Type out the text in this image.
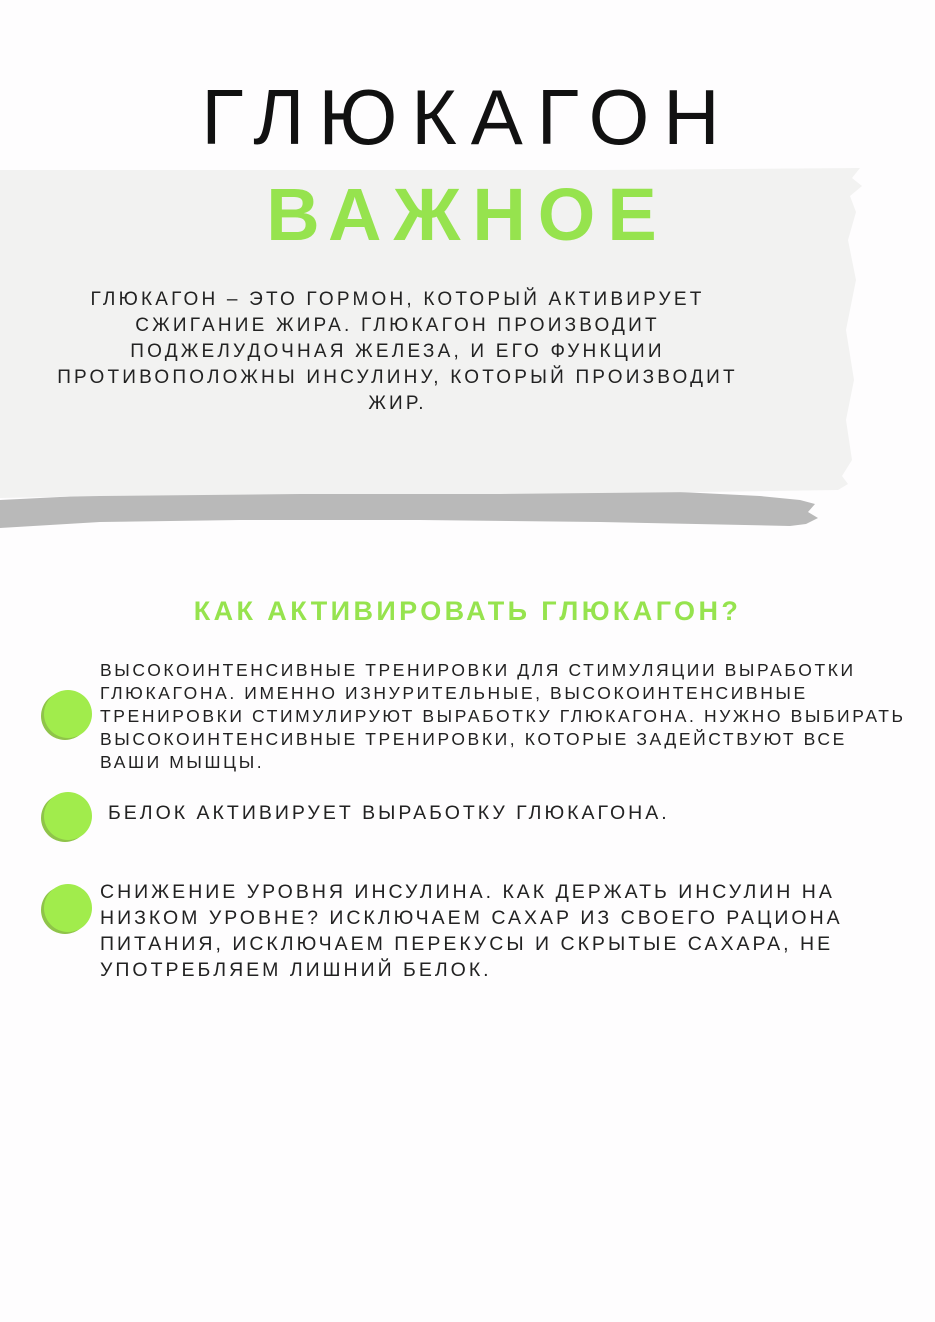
ГЛЮКАГОН
ВАЖНОЕ

ГЛЮКАГОН – ЭТО ГОРМОН, КОТОРЫЙ АКТИВИРУЕТ СЖИГАНИЕ ЖИРА. ГЛЮКАГОН ПРОИЗВОДИТ ПОДЖЕЛУДОЧНАЯ ЖЕЛЕЗА, И ЕГО ФУНКЦИИ ПРОТИВОПОЛОЖНЫ ИНСУЛИНУ, КОТОРЫЙ ПРОИЗВОДИТ ЖИР.

КАК АКТИВИРОВАТЬ ГЛЮКАГОН?

ВЫСОКОИНТЕНСИВНЫЕ ТРЕНИРОВКИ ДЛЯ СТИМУЛЯЦИИ ВЫРАБОТКИ ГЛЮКАГОНА. ИМЕННО ИЗНУРИТЕЛЬНЫЕ, ВЫСОКОИНТЕНСИВНЫЕ ТРЕНИРОВКИ СТИМУЛИРУЮТ ВЫРАБОТКУ ГЛЮКАГОНА. НУЖНО ВЫБИРАТЬ ВЫСОКОИНТЕНСИВНЫЕ ТРЕНИРОВКИ, КОТОРЫЕ ЗАДЕЙСТВУЮТ ВСЕ ВАШИ МЫШЦЫ.

БЕЛОК АКТИВИРУЕТ ВЫРАБОТКУ ГЛЮКАГОНА.

СНИЖЕНИЕ УРОВНЯ ИНСУЛИНА. КАК ДЕРЖАТЬ ИНСУЛИН НА НИЗКОМ УРОВНЕ? ИСКЛЮЧАЕМ САХАР ИЗ СВОЕГО РАЦИОНА ПИТАНИЯ, ИСКЛЮЧАЕМ ПЕРЕКУСЫ И СКРЫТЫЕ САХАРА, НЕ УПОТРЕБЛЯЕМ ЛИШНИЙ БЕЛОК.
